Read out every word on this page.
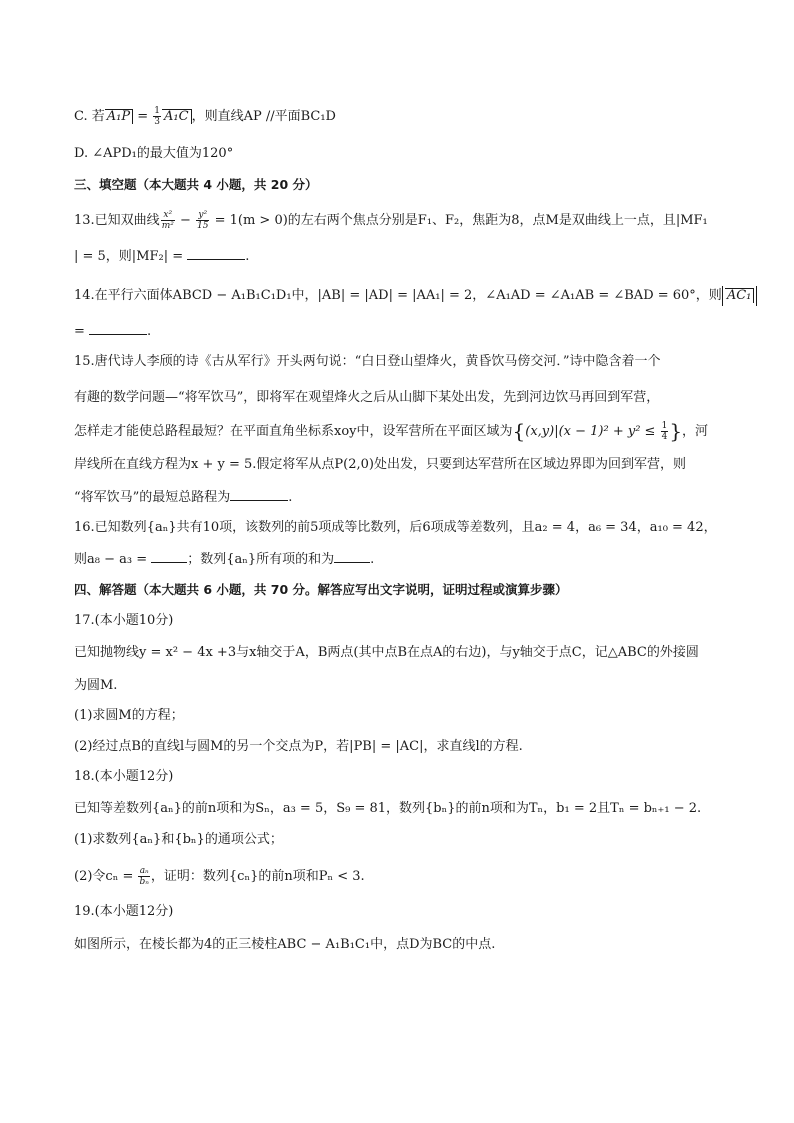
C. 若 $A_1P = \frac{1}{3} A_1C$ ，则直线AP //平面BC₁D
D. ∠APD₁的最大值为120°
三、填空题（本大题共 4 小题，共 20 分）
13.已知双曲线 $\frac{\text{x²}}{\text{m²}} - \frac{\text{y²}}{15} = 1(m > 0)$的左右两个焦点分别是F₁、F₂，焦距为8，点M是双曲线上一点，且|MF₁
| = 5，则|MF₂| =	.
14.在平行六面体ABCD − A₁B₁C₁D₁中，|AB| = |AD| = |AA₁| = 2，∠A₁AD = ∠A₁AB = ∠BAD = 60°，则 AC₁
=	.
15.唐代诗人李颀的诗《古从军行》开头两句说：“白日登山望烽火，黄昏饮马傍交河．”诗中隐含着一个
有趣的数学问题—“将军饮马”，即将军在观望烽火之后从山脚下某处出发，先到河边饮马再回到军营，
怎样走才能使总路程最短？在平面直角坐标系xoy中，设军营所在平面区域为{$(x,y)|(x - 1)^2 + y^2 \le \frac{1}{4}$ }，河
岸线所在直线方程为x + y = 5.假定将军从点P(2,0)处出发，只要到达军营所在区域边界即为回到军营，则
“将军饮马”的最短总路程为	.
16.已知数列{aₙ}共有10项，该数列的前5项成等比数列，后6项成等差数列，且a₂ = 4，a₆ = 34，a₁₀ = 42，
则a₈ − a₃ =	；数列{aₙ}所有项的和为	.
四、解答题（本大题共 6 小题，共 70 分。解答应写出文字说明，证明过程或演算步骤）
17.(本小题10分)
已知抛物线y = x² − 4x +3与x轴交于A，B两点(其中点B在点A的右边)，与y轴交于点C，记△ABC的外接圆
为圆M.
(1)求圆M的方程；
(2)经过点B的直线l与圆M的另一个交点为P，若|PB| = |AC|，求直线l的方程.
18.(本小题12分)
已知等差数列{aₙ}的前n项和为Sₙ，a₃ = 5，S₉ = 81，数列{bₙ}的前n项和为Tₙ，b₁ = 2且Tₙ = bₙ₊₁ − 2.
(1)求数列{aₙ}和{bₙ}的通项公式；
(2)令$c_n = \frac{\text{aₙ}}{\text{bₙ}}$ ，证明：数列{cₙ}的前n项和Pₙ < 3.
19.(本小题12分)
如图所示，在棱长都为4的正三棱柱ABC − A₁B₁C₁中，点D为BC的中点.
